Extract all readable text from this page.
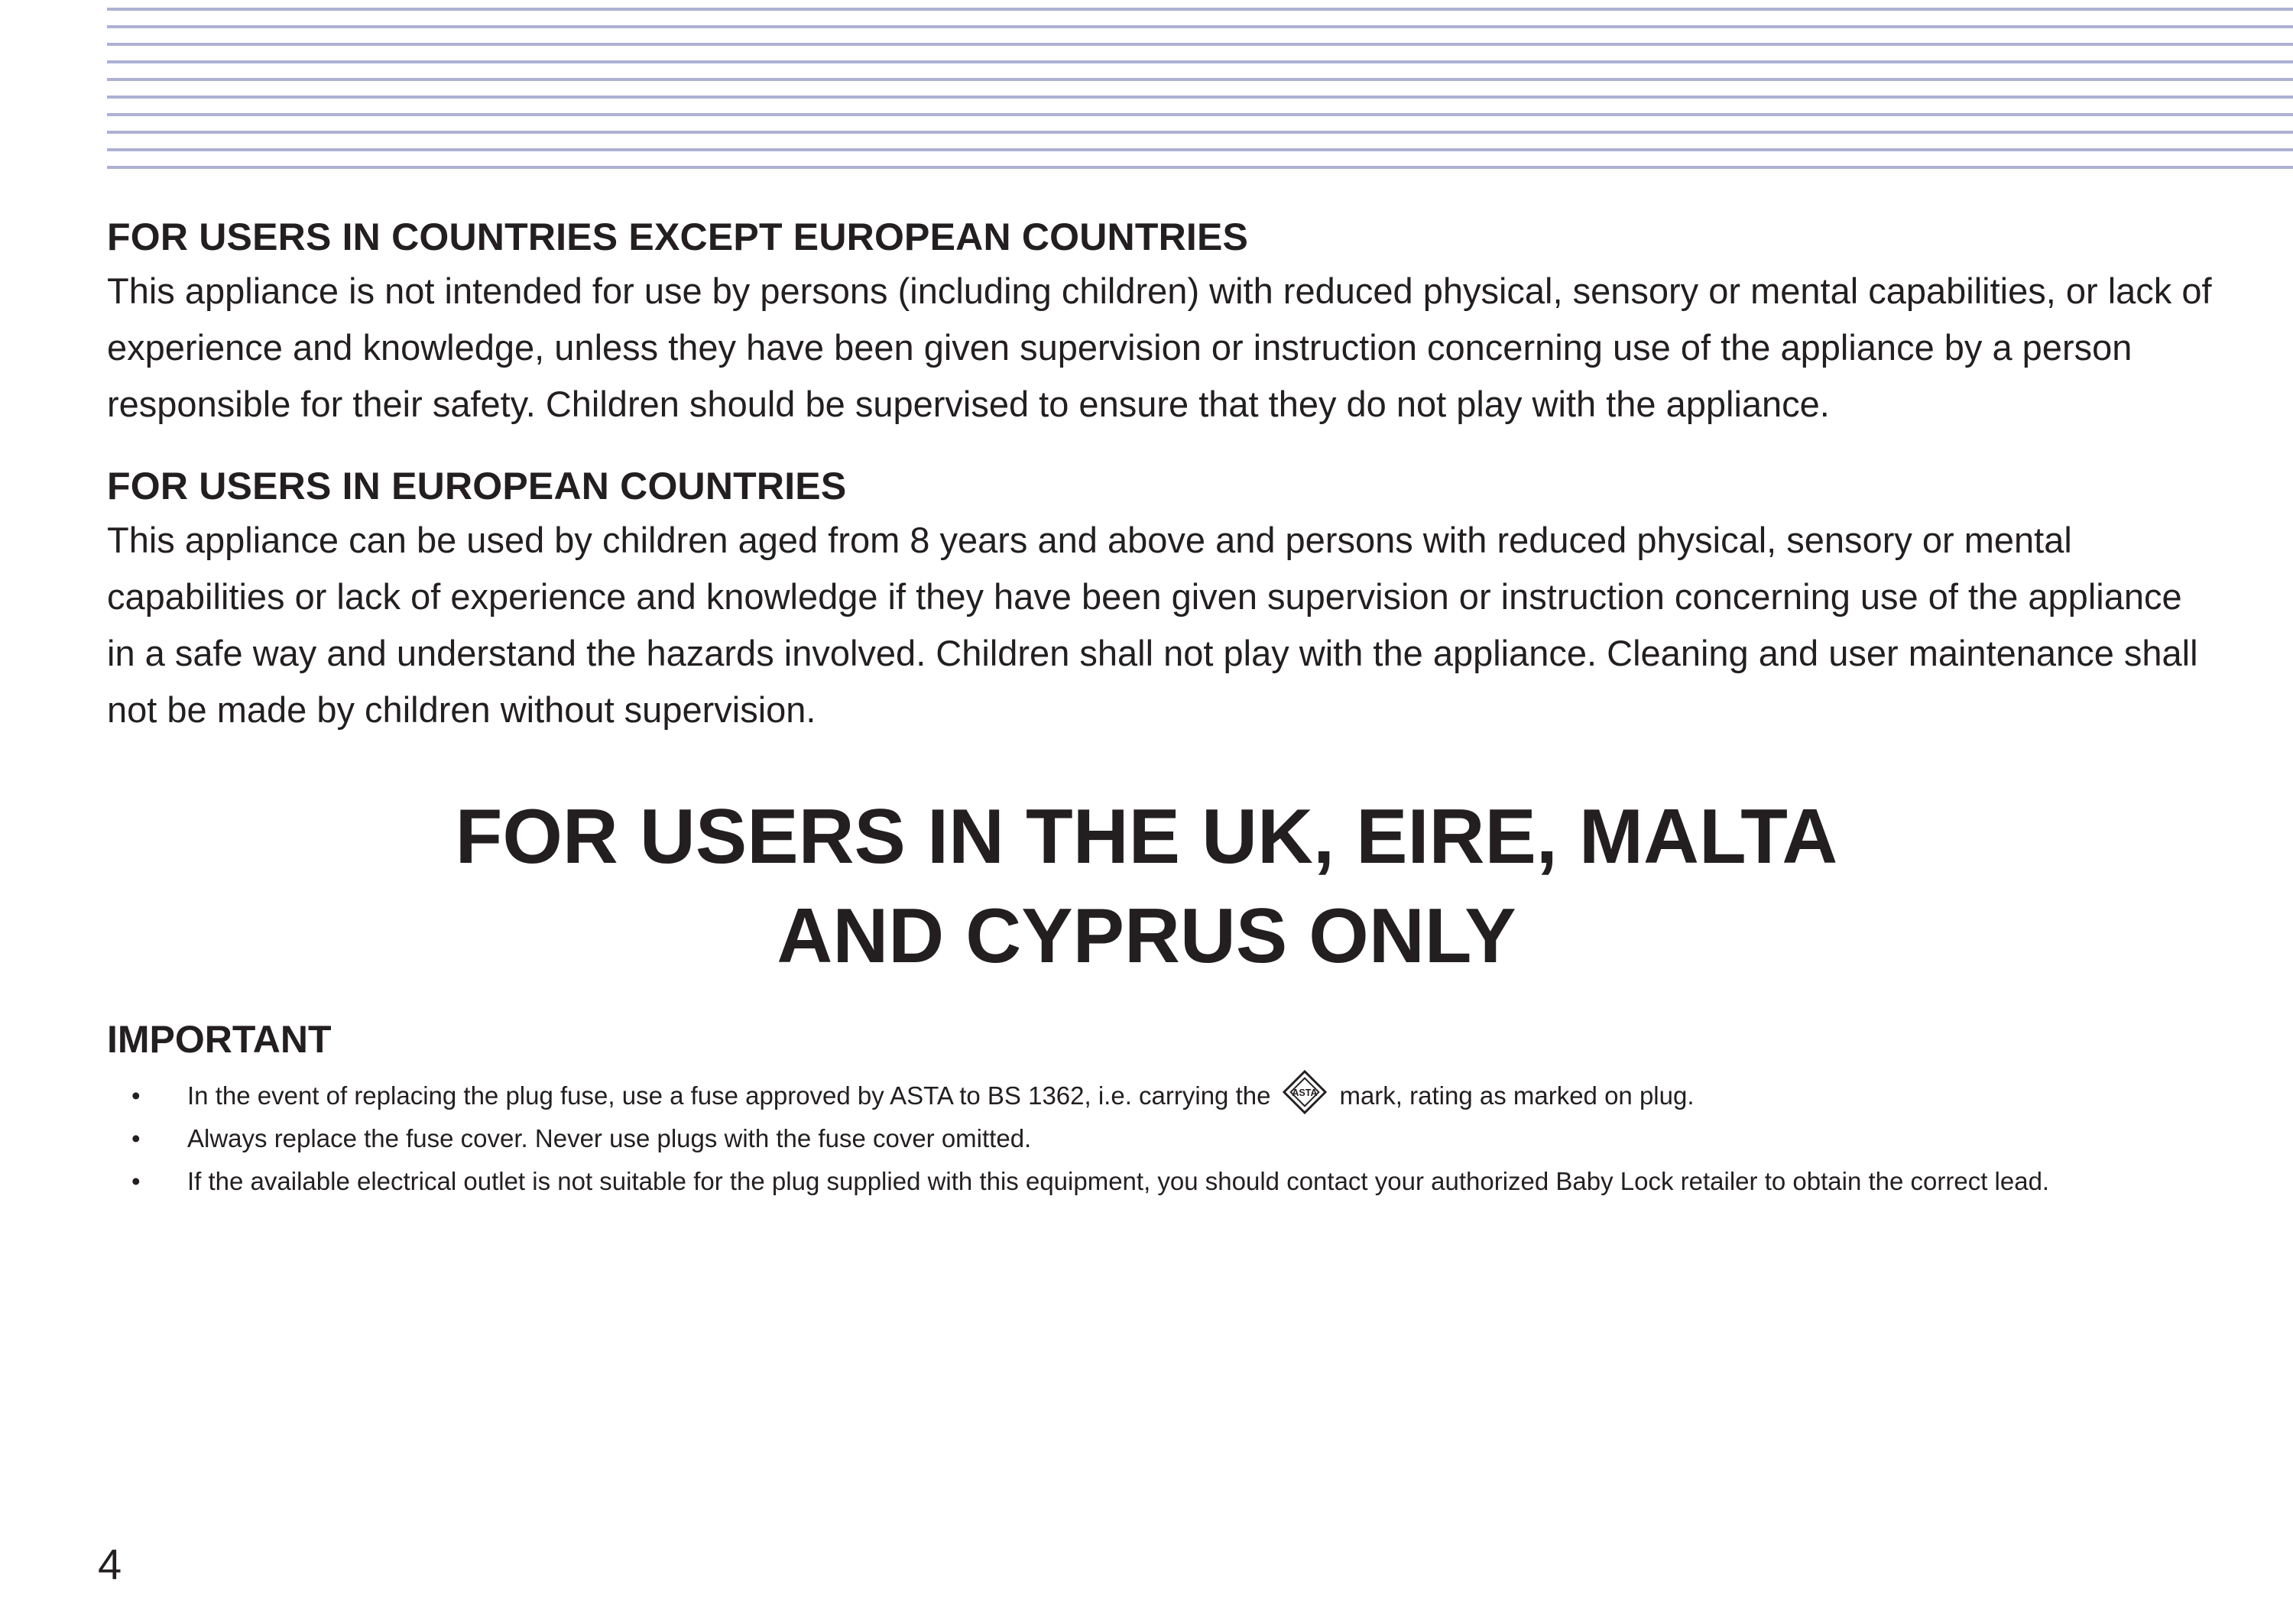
FOR USERS IN COUNTRIES EXCEPT EUROPEAN COUNTRIES

This appliance is not intended for use by persons (including children) with reduced physical, sensory or mental capabilities, or lack of experience and knowledge, unless they have been given supervision or instruction concerning use of the appliance by a person responsible for their safety. Children should be supervised to ensure that they do not play with the appliance.

FOR USERS IN EUROPEAN COUNTRIES

This appliance can be used by children aged from 8 years and above and persons with reduced physical, sensory or mental capabilities or lack of experience and knowledge if they have been given supervision or instruction concerning use of the appliance in a safe way and understand the hazards involved. Children shall not play with the appliance. Cleaning and user maintenance shall not be made by children without supervision.

FOR USERS IN THE UK, EIRE, MALTA
AND CYPRUS ONLY
IMPORTANT
• In the event of replacing the plug fuse, use a fuse approved by ASTA to BS 1362, i.e. carrying the ASTA mark, rating as marked on plug.
• Always replace the fuse cover. Never use plugs with the fuse cover omitted.
• If the available electrical outlet is not suitable for the plug supplied with this equipment, you should contact your authorized Baby Lock retailer to obtain the correct lead.
4
